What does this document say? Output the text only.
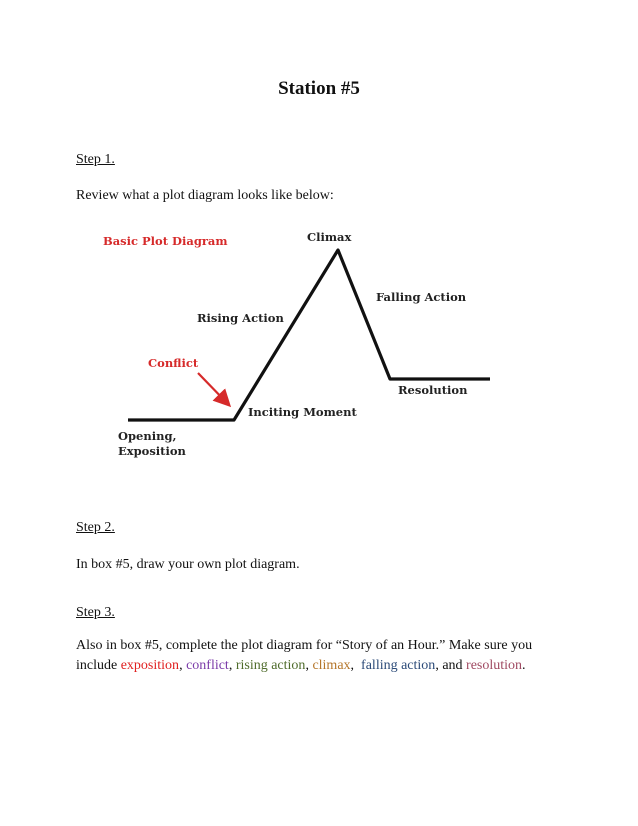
Station #5

Step 1.

Review what a plot diagram looks like below:

Basic Plot Diagram	Climax
Falling Action
Rising Action
Conflict
Resolution
Inciting Moment
Opening,
Exposition

Step 2.

In box #5, draw your own plot diagram.

Step 3.

Also in box #5, complete the plot diagram for “Story of an Hour.” Make sure you include exposition, conflict, rising action, climax,  falling action, and resolution.
